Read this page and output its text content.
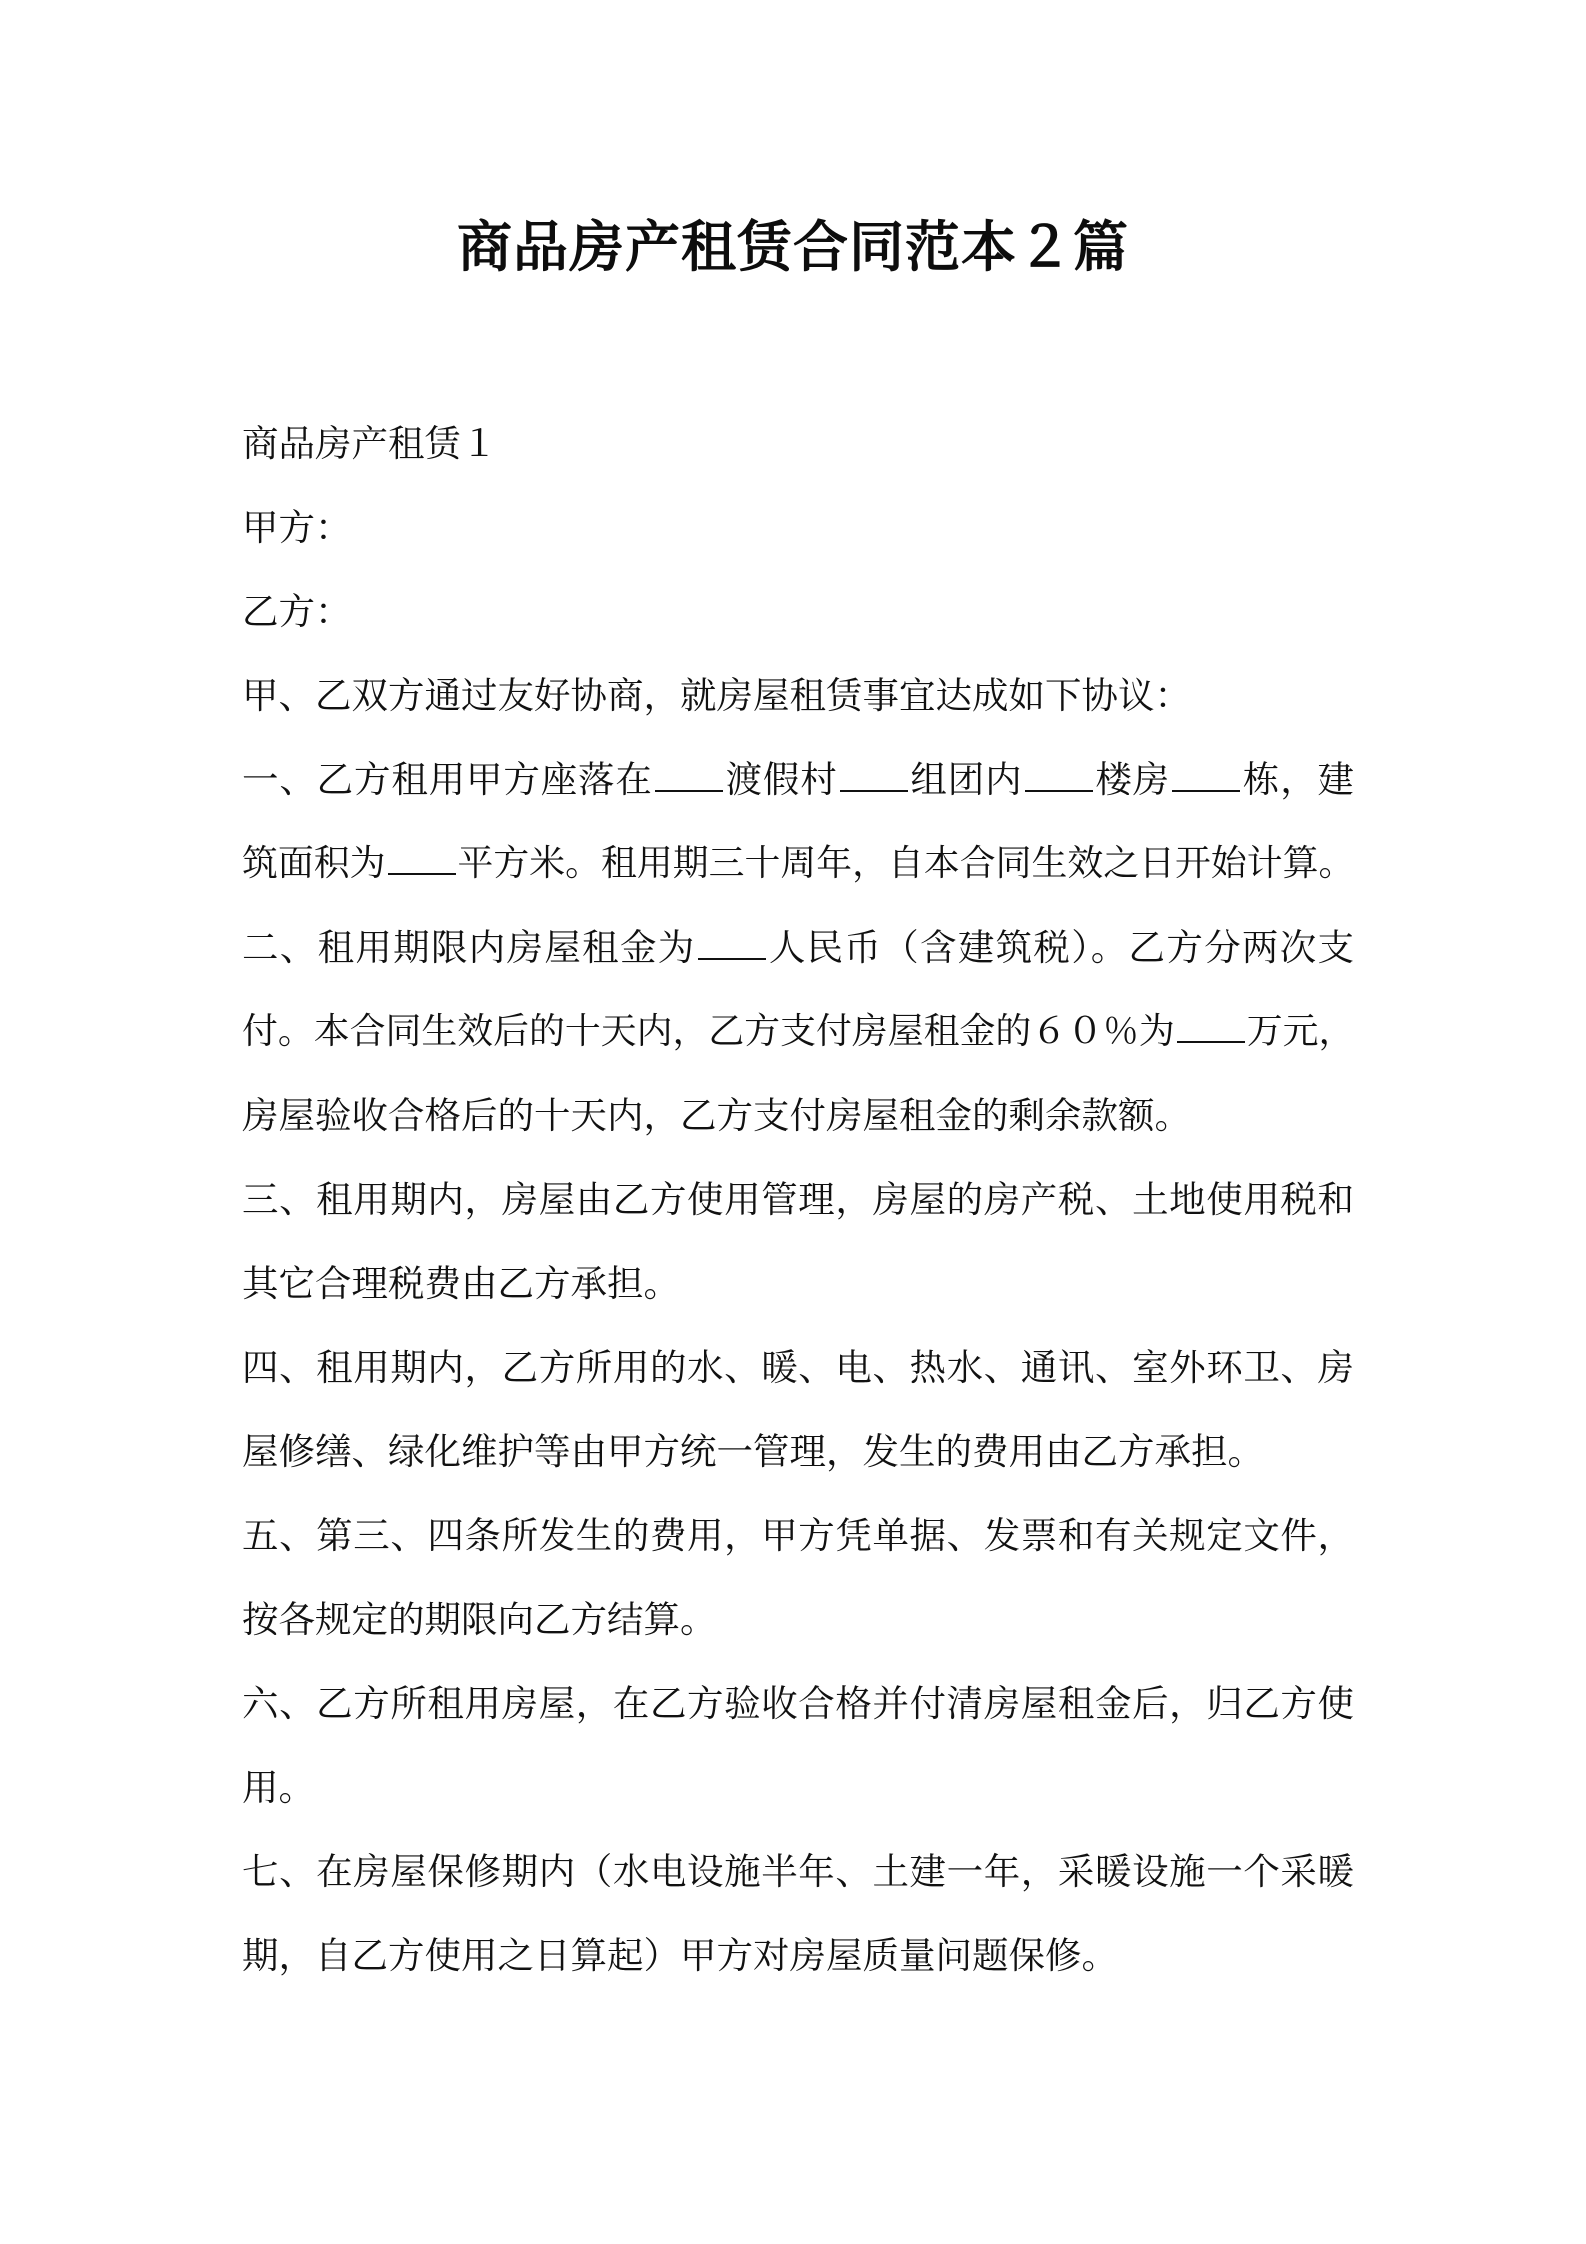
商品房产租赁合同范本２篇
商品房产租赁１
甲方：
乙方：
甲、乙双方通过友好协商，就房屋租赁事宜达成如下协议：
一、乙方租用甲方座落在 渡假村 组团内 楼房 栋，建
筑面积为 平方米。租用期三十周年，自本合同生效之日开始计算。
二、租用期限内房屋租金为 人民币（含建筑税）。乙方分两次支
付。本合同生效后的十天内，乙方支付房屋租金的６０％为 万元，
房屋验收合格后的十天内，乙方支付房屋租金的剩余款额。
三、租用期内，房屋由乙方使用管理，房屋的房产税、土地使用税和
其它合理税费由乙方承担。
四、租用期内，乙方所用的水、暖、电、热水、通讯、室外环卫、房
屋修缮、绿化维护等由甲方统一管理，发生的费用由乙方承担。
五、第三、四条所发生的费用，甲方凭单据、发票和有关规定文件，
按各规定的期限向乙方结算。
六、乙方所租用房屋，在乙方验收合格并付清房屋租金后，归乙方使
用。
七、在房屋保修期内（水电设施半年、土建一年，采暖设施一个采暖
期，自乙方使用之日算起）甲方对房屋质量问题保修。
